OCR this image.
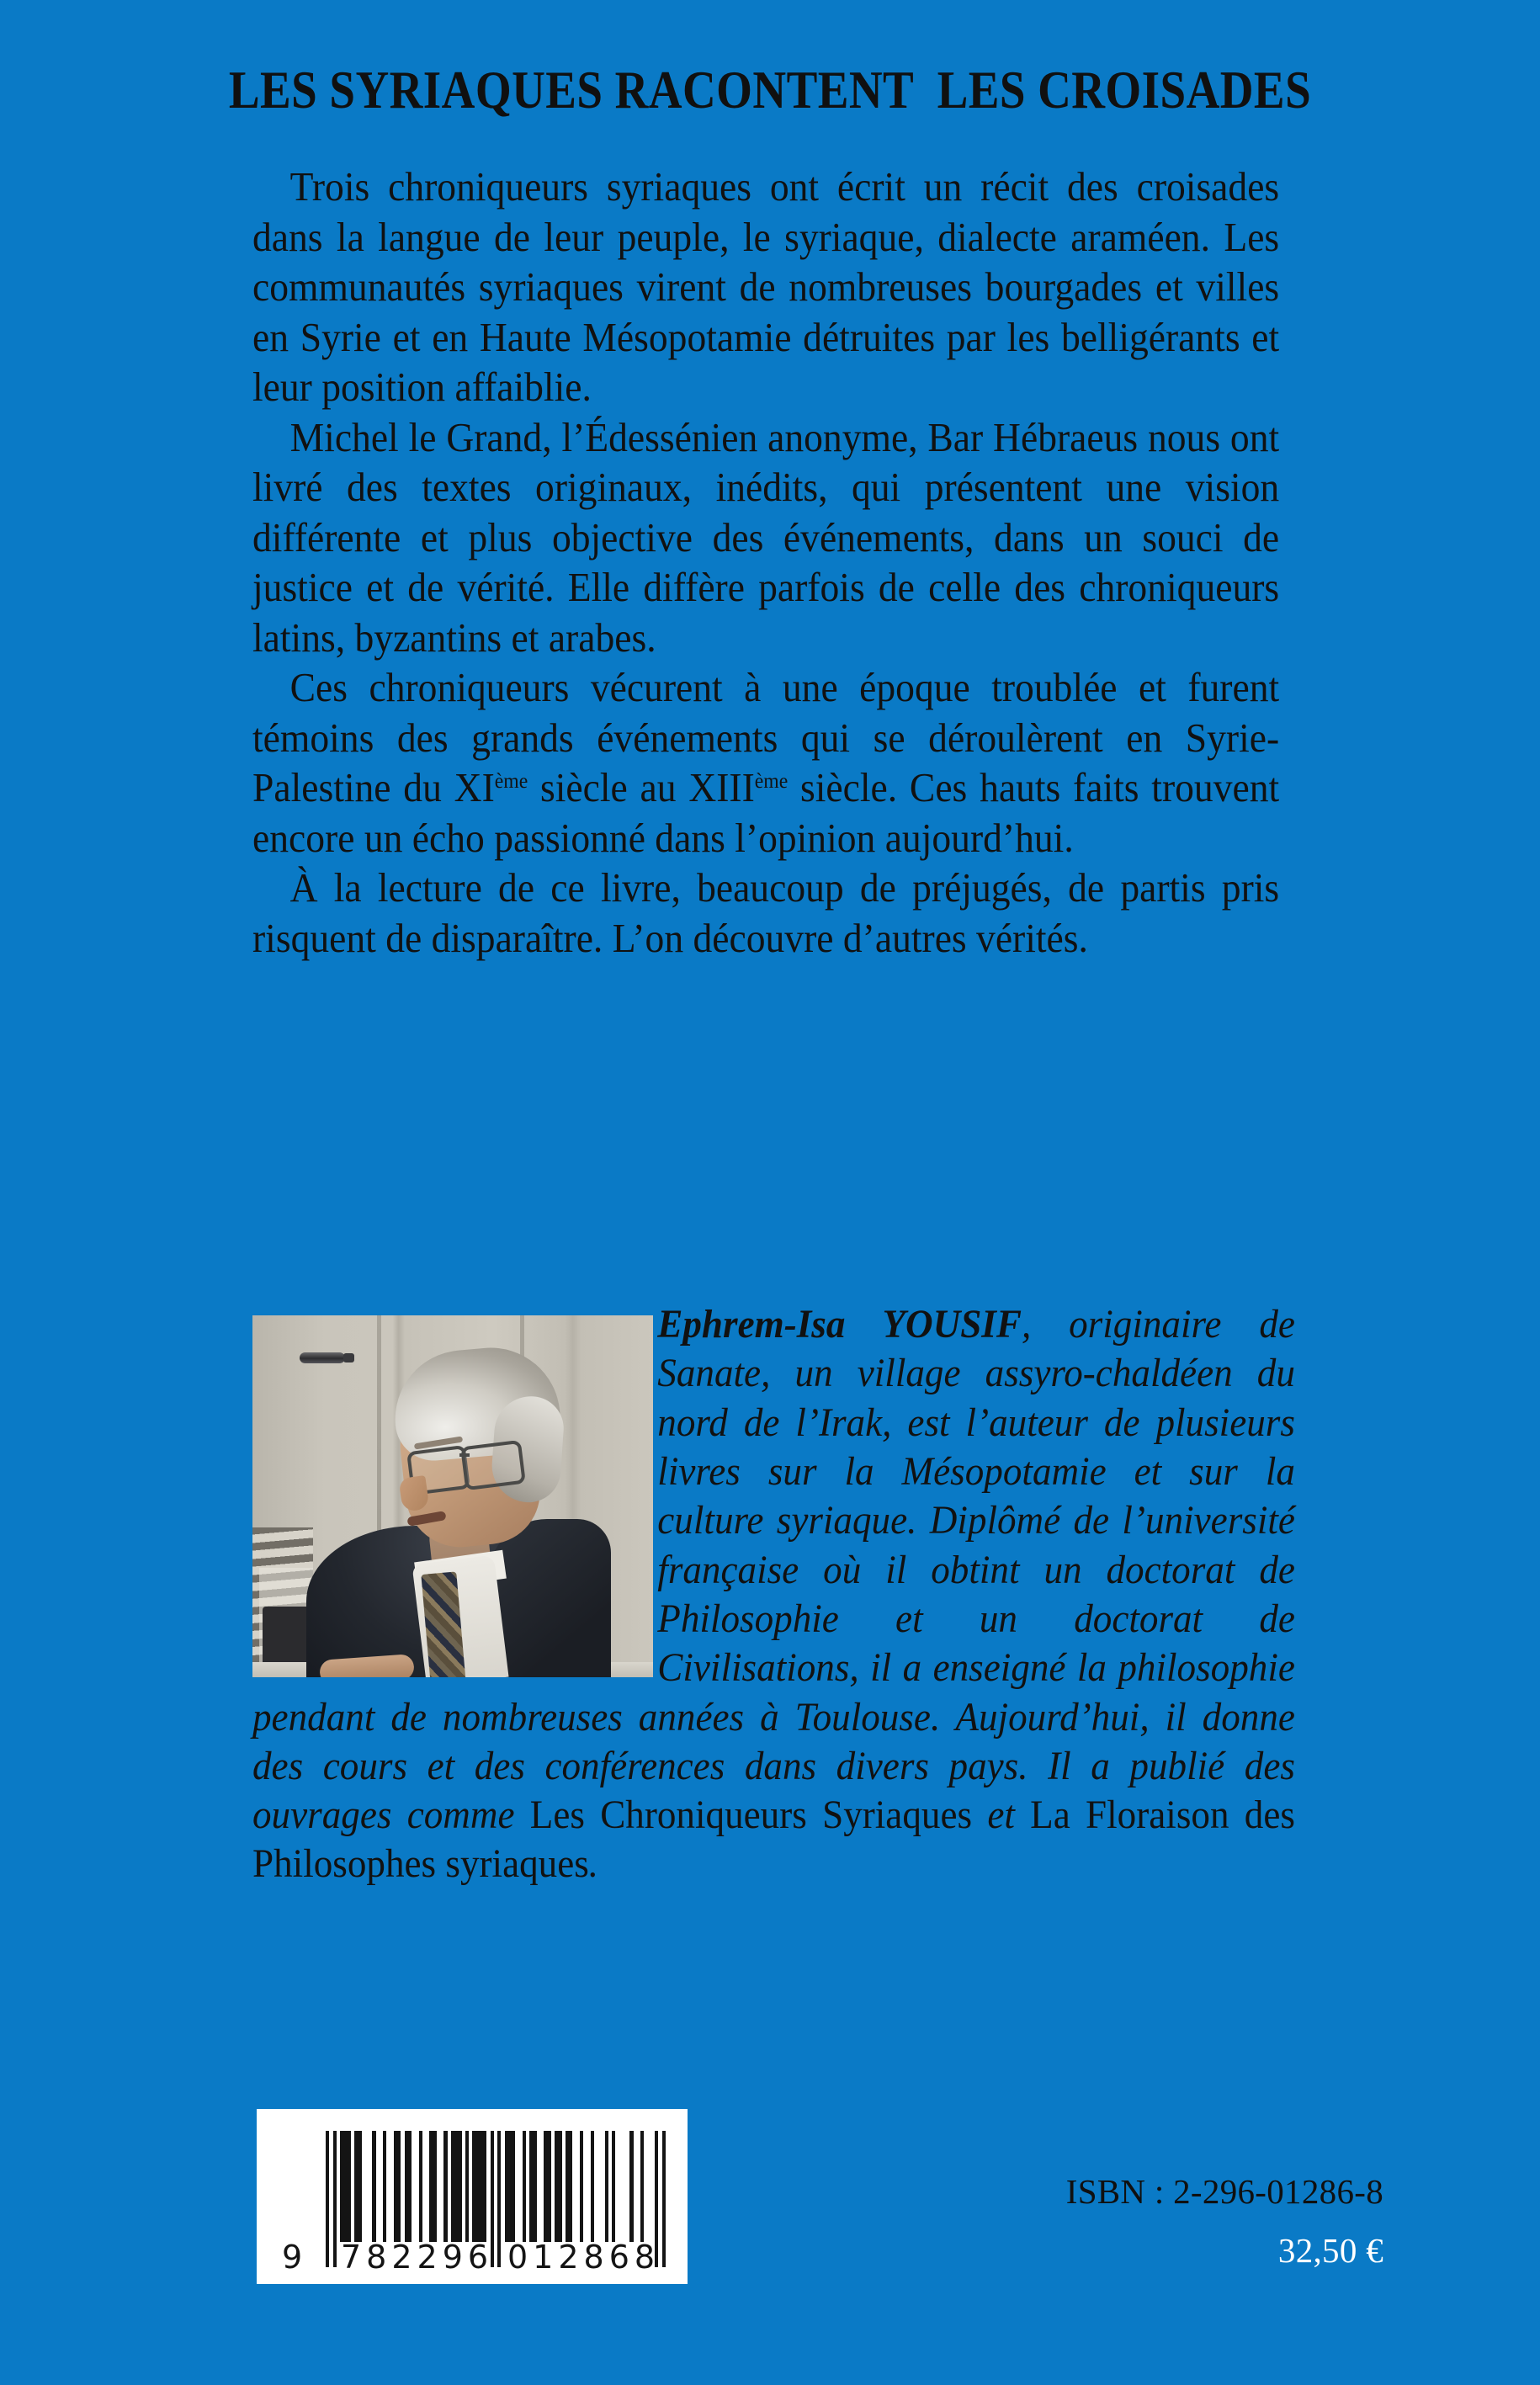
LES SYRIAQUES RACONTENT  LES CROISADES

Trois chroniqueurs syriaques ont écrit un récit des croisades dans la langue de leur peuple, le syriaque, dialecte araméen. Les communautés syriaques virent de nombreuses bourgades et villes en Syrie et en Haute Mésopotamie détruites par les belligérants et leur position affaiblie.

Michel le Grand, l’Édessénien anonyme, Bar Hébraeus nous ont livré des textes originaux, inédits, qui présentent une vision différente et plus objective des événements, dans un souci de justice et de vérité. Elle diffère parfois de celle des chroniqueurs latins, byzantins et arabes.

Ces chroniqueurs vécurent à une époque troublée et furent témoins des grands événements qui se déroulèrent en Syrie-Palestine du XIème siècle au XIIIème siècle. Ces hauts faits trouvent encore un écho passionné dans l’opinion aujourd’hui.

À la lecture de ce livre, beaucoup de préjugés, de partis pris risquent de disparaître. L’on découvre d’autres vérités.

Ephrem-Isa YOUSIF, originaire de Sanate, un village assyro-chaldéen du nord de l’Irak, est l’auteur de plusieurs livres sur la Mésopotamie et sur la culture syriaque. Diplômé de l’université française où il obtint un doctorat de Philosophie et un doctorat de Civilisations, il a enseigné la philosophie pendant de nombreuses années à Toulouse. Aujourd’hui, il donne des cours et des conférences dans divers pays. Il a publié des ouvrages comme Les Chroniqueurs Syriaques et La Floraison des Philosophes syriaques.
9	782296 012868
ISBN : 2-296-01286-8
32,50 €
